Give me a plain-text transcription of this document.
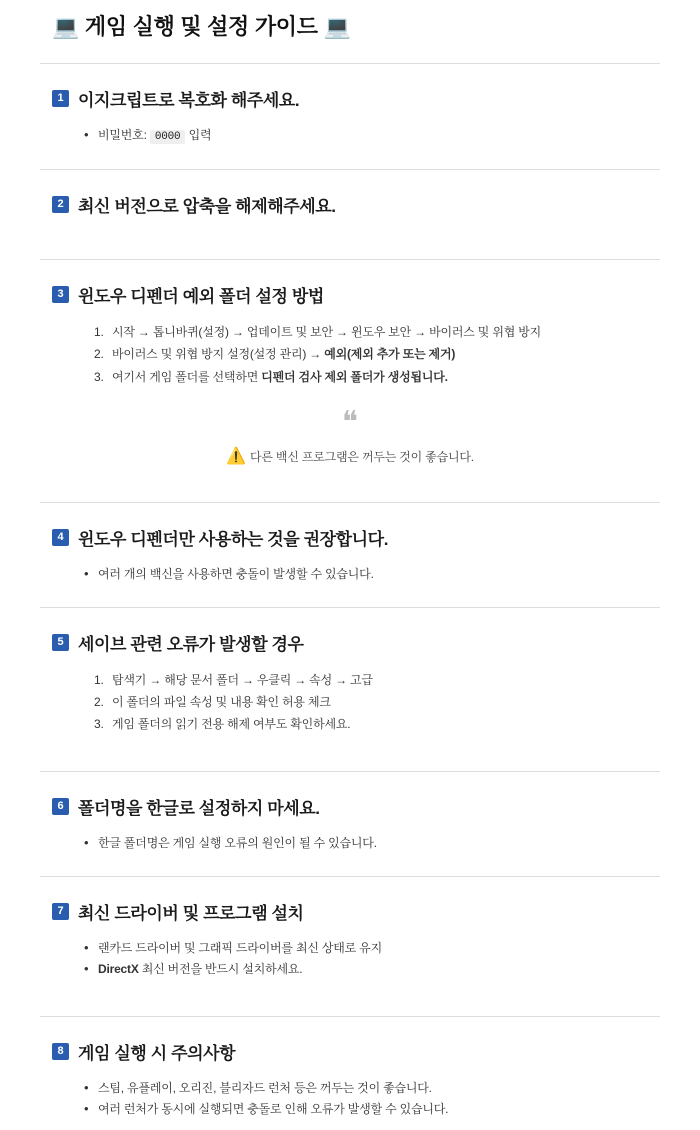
💻 게임 실행 및 설정 가이드 💻
1 이지크립트로 복호화 해주세요.
• 비밀번호: 0000 입력
2 최신 버전으로 압축을 해제해주세요.
3 윈도우 디펜더 예외 폴더 설정 방법
시작 → 톱니바퀴(설정) → 업데이트 및 보안 → 윈도우 보안 → 바이러스 및 위협 방지
바이러스 및 위협 방지 설정(설정 관리) → 예외(제외 추가 또는 제거)
여기서 게임 폴더를 선택하면 디펜더 검사 제외 폴더가 생성됩니다.
❝
⚠️ 다른 백신 프로그램은 꺼두는 것이 좋습니다.
4 윈도우 디펜더만 사용하는 것을 권장합니다.
• 여러 개의 백신을 사용하면 충돌이 발생할 수 있습니다.
5 세이브 관련 오류가 발생할 경우
탐색기 → 해당 문서 폴더 → 우클릭 → 속성 → 고급
이 폴더의 파일 속성 및 내용 확인 허용 체크
게임 폴더의 읽기 전용 해제 여부도 확인하세요.
6 폴더명을 한글로 설정하지 마세요.
• 한글 폴더명은 게임 실행 오류의 원인이 될 수 있습니다.
7 최신 드라이버 및 프로그램 설치
• 랜카드 드라이버 및 그래픽 드라이버를 최신 상태로 유지
• DirectX 최신 버전을 반드시 설치하세요.
8 게임 실행 시 주의사항
• 스팀, 유플레이, 오리진, 블리자드 런처 등은 꺼두는 것이 좋습니다.
• 여러 런처가 동시에 실행되면 충돌로 인해 오류가 발생할 수 있습니다.
